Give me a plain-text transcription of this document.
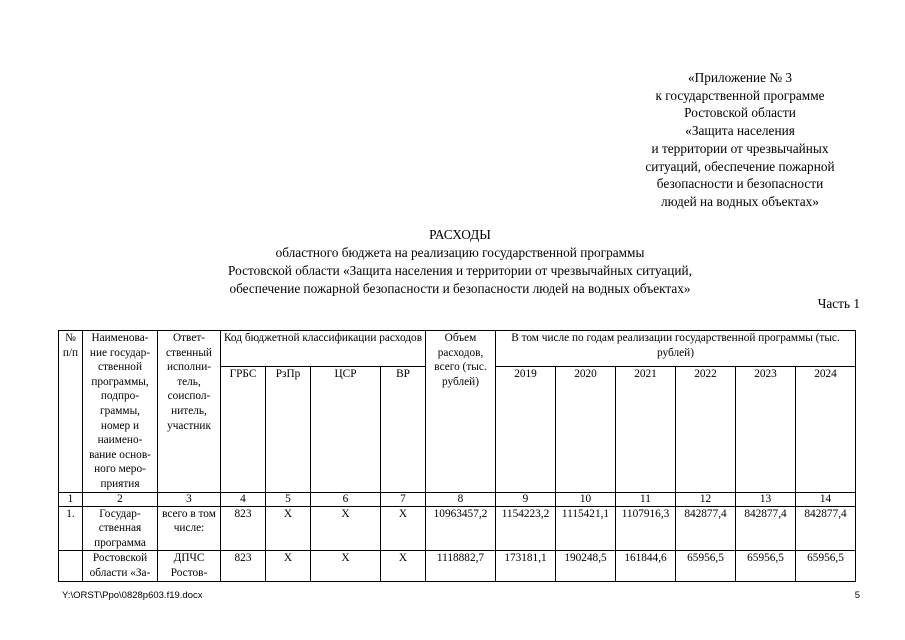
«Приложение № 3
к государственной программе
Ростовской области
«Защита населения
и территории от чрезвычайных
ситуаций, обеспечение пожарной
безопасности и безопасности
людей на водных объектах»
РАСХОДЫ
областного бюджета на реализацию государственной программы
Ростовской области «Защита населения и территории от чрезвычайных ситуаций,
обеспечение пожарной безопасности и безопасности людей на водных объектах»
Часть 1
№ п/п	Наименова-ние государ-ственной программы, подпро-граммы, номер и наимено-вание основ-ного меро-приятия	Ответ-ственный исполни-тель, соиспол-нитель, участник	Код бюджетной классификации расходов				Объем расходов, всего (тыс. рублей)	В том числе по годам реализации государственной программы (тыс. рублей)					
			ГРБС	РзПр	ЦСР	ВР		2019	2020	2021	2022	2023	2024
1	2	3	4	5	6	7	8	9	10	11	12	13	14
1.	Государ-ственная программа	всего в том числе:	823	Х	Х	Х	10963457,2	1154223,2	1115421,1	1107916,3	842877,4	842877,4	842877,4
	Ростовской области «За-	ДПЧС Ростов-	823	Х	Х	Х	1118882,7	173181,1	190248,5	161844,6	65956,5	65956,5	65956,5
Y:\ORST\Ppo\0828p603.f19.docx	5
